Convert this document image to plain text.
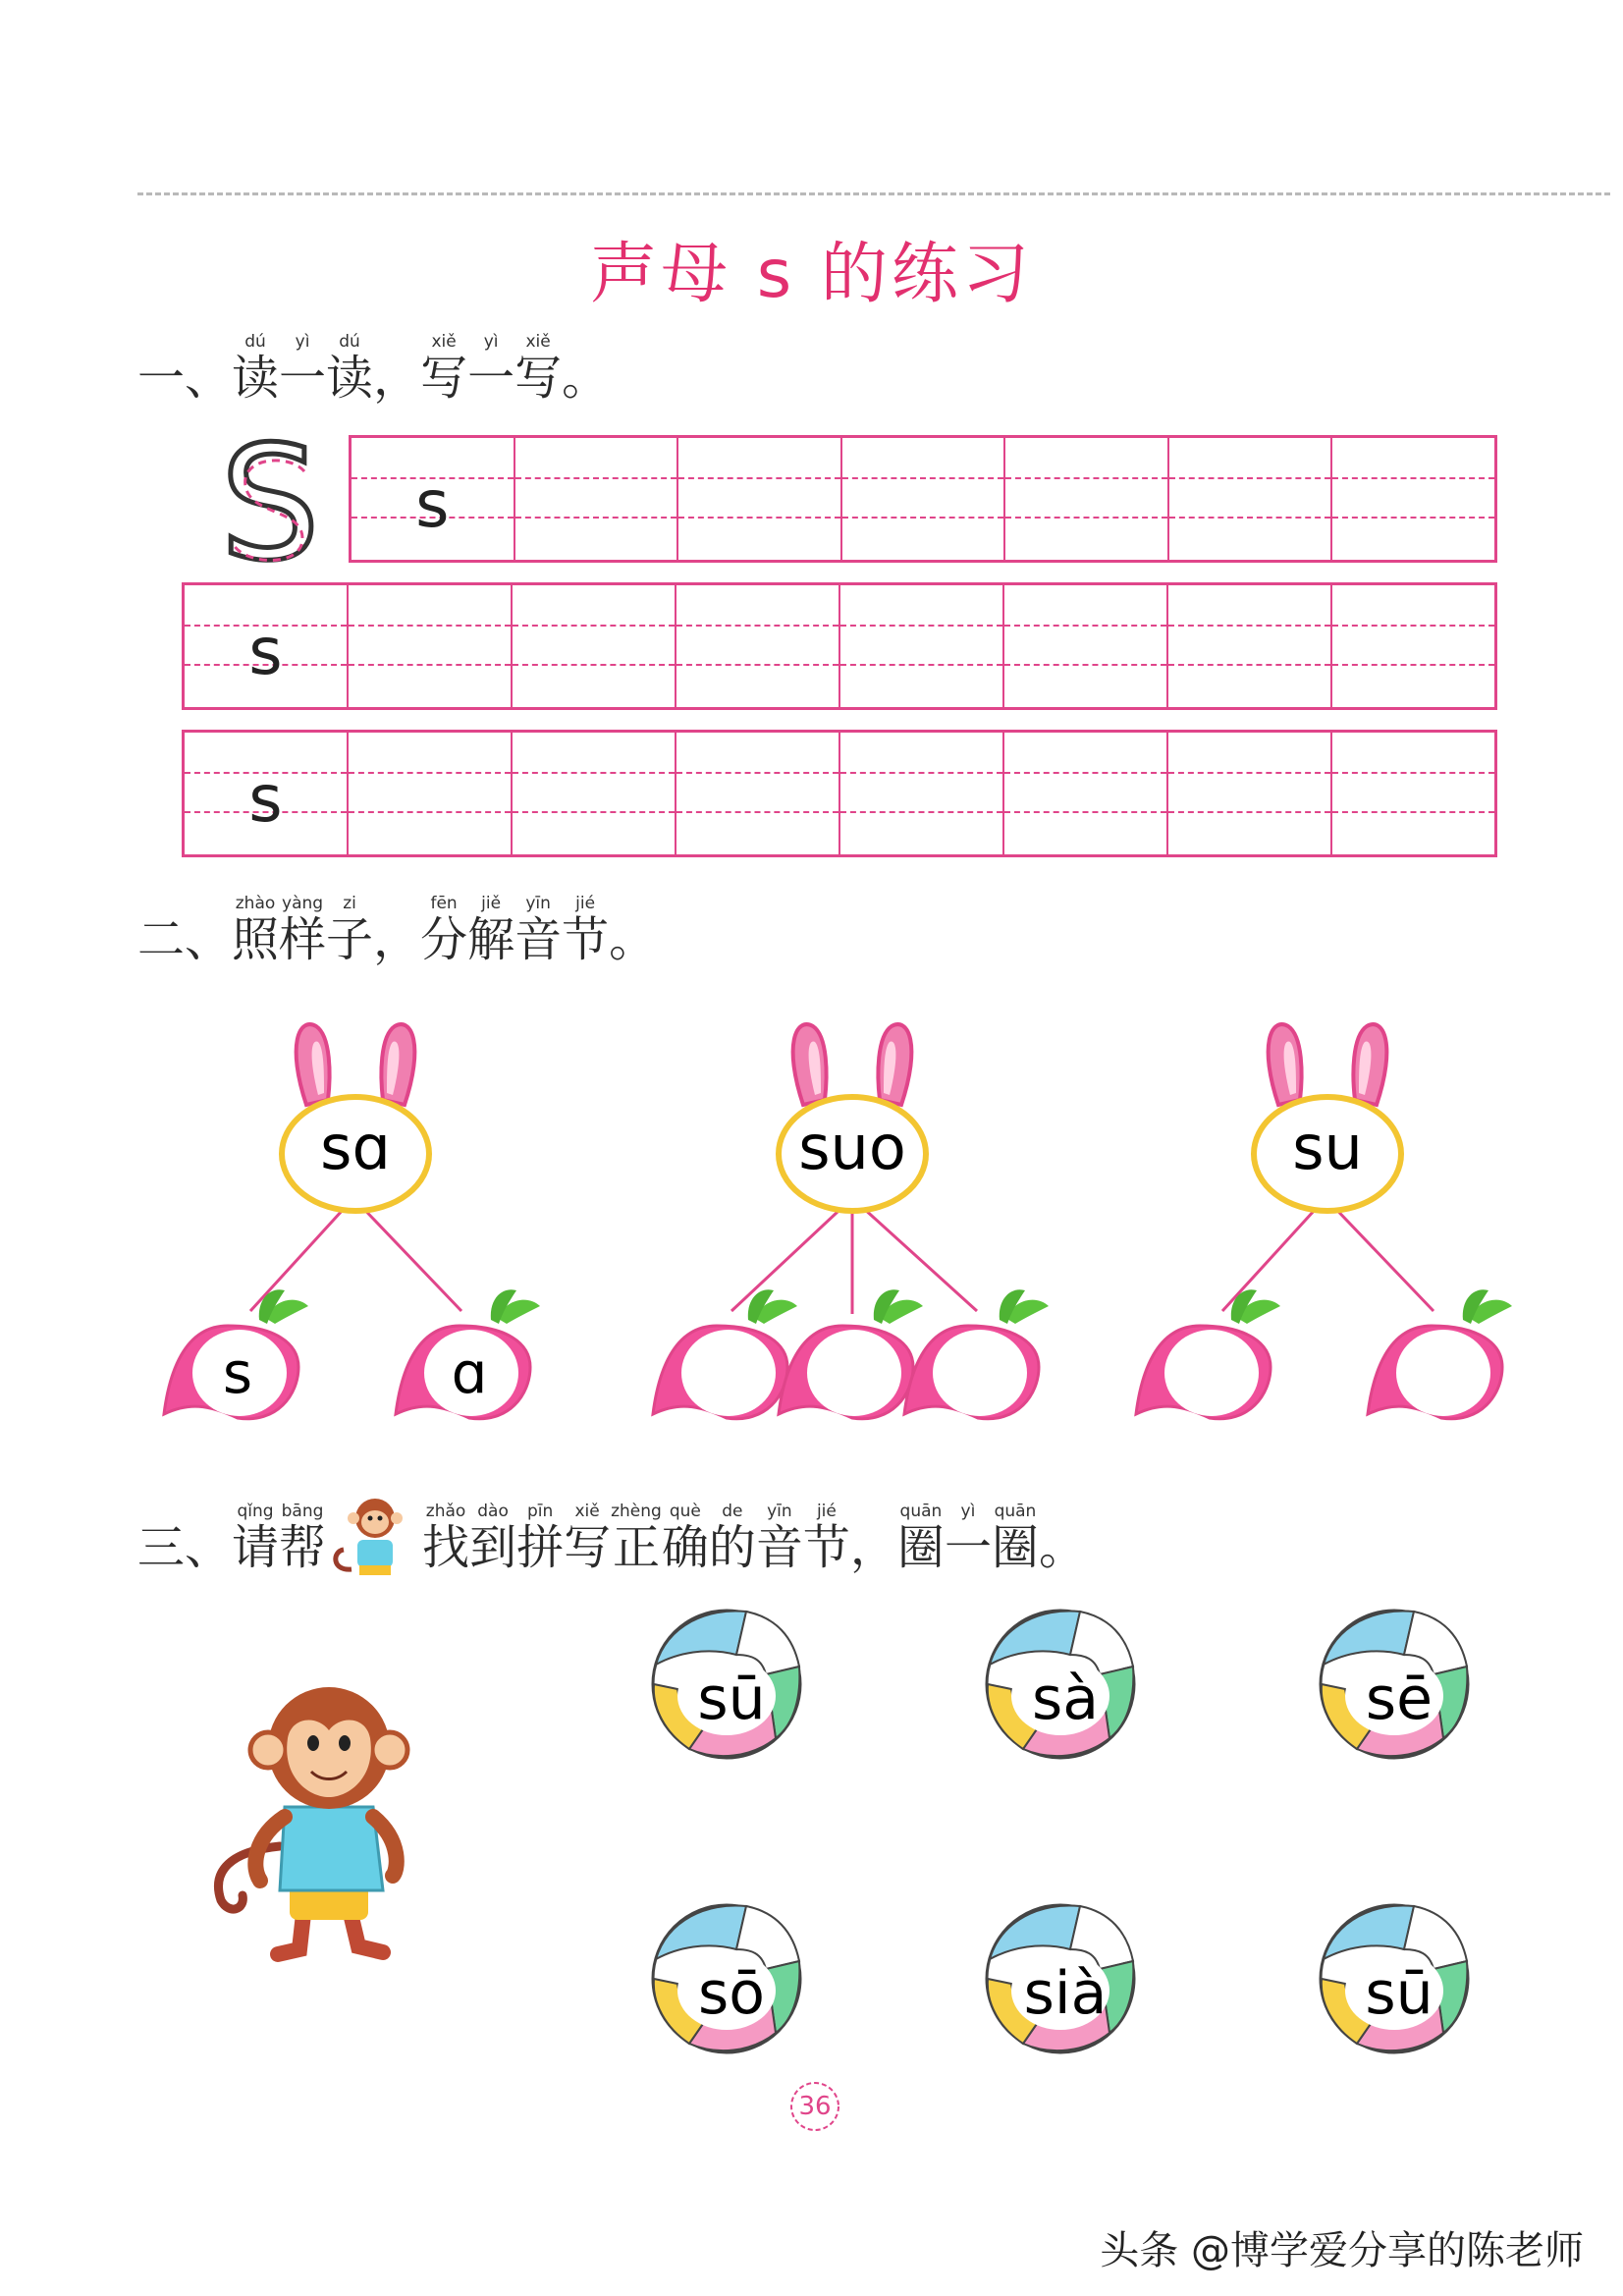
声母 s 的练习
一、读dú一yì读dú，写xiě一yì写xiě。
S	s
s
s
二、照zhào样yàng子zi，分fēn解jiě音yīn节jié。
sɑ
s	ɑ
suo	su
三、请qǐng帮bāng找zhǎo到dào拼pīn写xiě正zhèng确què的de音yīn节jié，圈quān一yì圈quān。
sū	sà	sē
sō	sià	sū
36
头条 @博学爱分享的陈老师
